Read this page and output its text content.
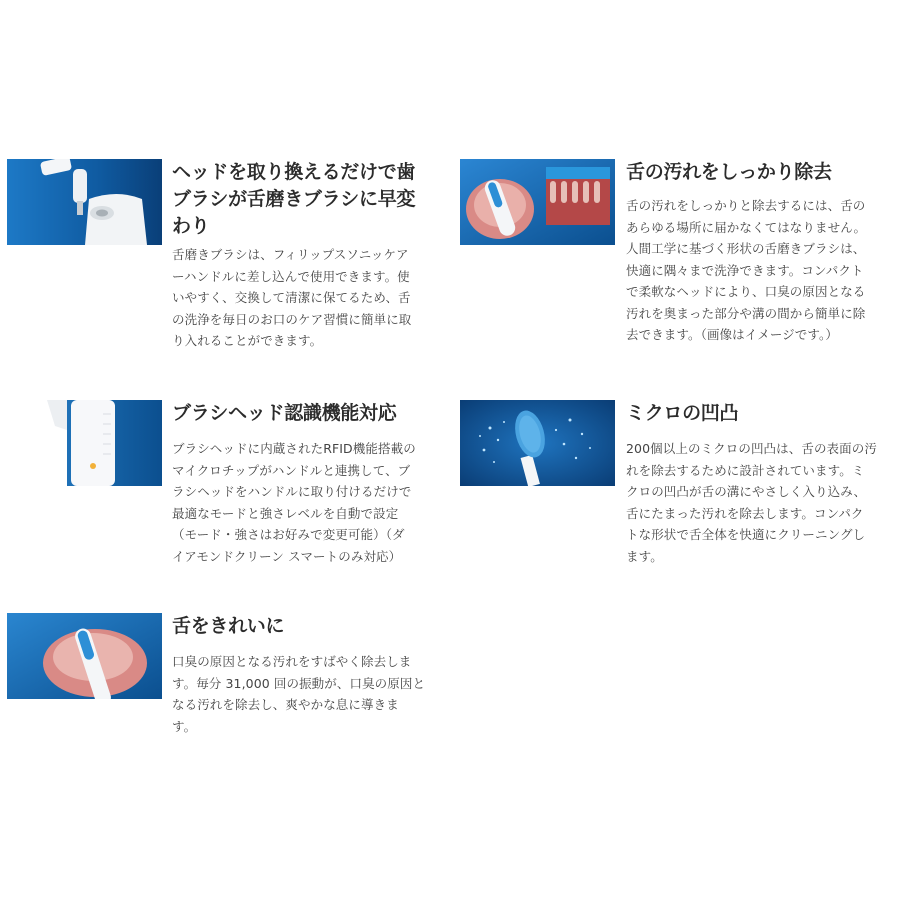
ヘッドを取り換えるだけで歯
ブラシが舌磨きブラシに早変
わり
舌磨きブラシは、フィリップスソニッケア
ーハンドルに差し込んで使用できます。使
いやすく、交換して清潔に保てるため、舌
の洗浄を毎日のお口のケア習慣に簡単に取
り入れることができます。
舌の汚れをしっかり除去
舌の汚れをしっかりと除去するには、舌の
あらゆる場所に届かなくてはなりません。
人間工学に基づく形状の舌磨きブラシは、
快適に隅々まで洗浄できます。コンパクト
で柔軟なヘッドにより、口臭の原因となる
汚れを奥まった部分や溝の間から簡単に除
去できます。（画像はイメージです。）
ブラシヘッド認識機能対応
ブラシヘッドに内蔵されたRFID機能搭載の
マイクロチップがハンドルと連携して、ブ
ラシヘッドをハンドルに取り付けるだけで
最適なモードと強さレベルを自動で設定
（モード・強さはお好みで変更可能）（ダ
イアモンドクリーン スマートのみ対応）
ミクロの凹凸
200個以上のミクロの凹凸は、舌の表面の汚
れを除去するために設計されています。ミ
クロの凹凸が舌の溝にやさしく入り込み、
舌にたまった汚れを除去します。コンパク
トな形状で舌全体を快適にクリーニングし
ます。
舌をきれいに
口臭の原因となる汚れをすばやく除去しま
す。毎分 31,000 回の振動が、口臭の原因と
なる汚れを除去し、爽やかな息に導きま
す。
